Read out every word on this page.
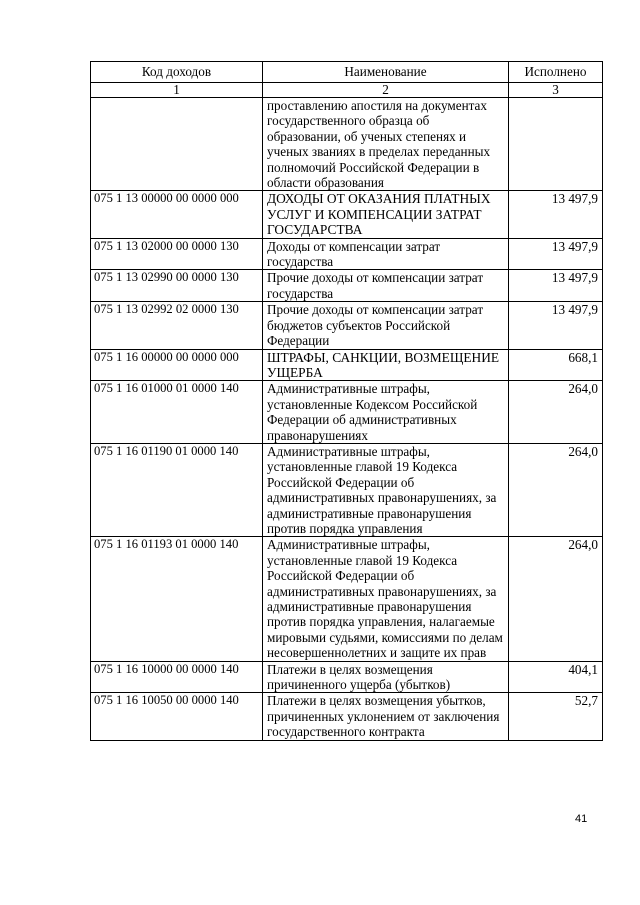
Код доходов	Наименование	Исполнено
1	2	3
	проставлению апостиля на документах государственного образца об образовании, об ученых степенях и ученых званиях в пределах переданных полномочий Российской Федерации в области образования	
075 1 13 00000 00 0000 000	ДОХОДЫ ОТ ОКАЗАНИЯ ПЛАТНЫХ УСЛУГ И КОМПЕНСАЦИИ ЗАТРАТ ГОСУДАРСТВА	13 497,9
075 1 13 02000 00 0000 130	Доходы от компенсации затрат государства	13 497,9
075 1 13 02990 00 0000 130	Прочие доходы от компенсации затрат государства	13 497,9
075 1 13 02992 02 0000 130	Прочие доходы от компенсации затрат бюджетов субъектов Российской Федерации	13 497,9
075 1 16 00000 00 0000 000	ШТРАФЫ, САНКЦИИ, ВОЗМЕЩЕНИЕ УЩЕРБА	668,1
075 1 16 01000 01 0000 140	Административные штрафы, установленные Кодексом Российской Федерации об административных правонарушениях	264,0
075 1 16 01190 01 0000 140	Административные штрафы, установленные главой 19 Кодекса Российской Федерации об административных правонарушениях, за административные правонарушения против порядка управления	264,0
075 1 16 01193 01 0000 140	Административные штрафы, установленные главой 19 Кодекса Российской Федерации об административных правонарушениях, за административные правонарушения против порядка управления, налагаемые мировыми судьями, комиссиями по делам несовершеннолетних и защите их прав	264,0
075 1 16 10000 00 0000 140	Платежи в целях возмещения причиненного ущерба (убытков)	404,1
075 1 16 10050 00 0000 140	Платежи в целях возмещения убытков, причиненных уклонением от заключения государственного контракта	52,7
41
